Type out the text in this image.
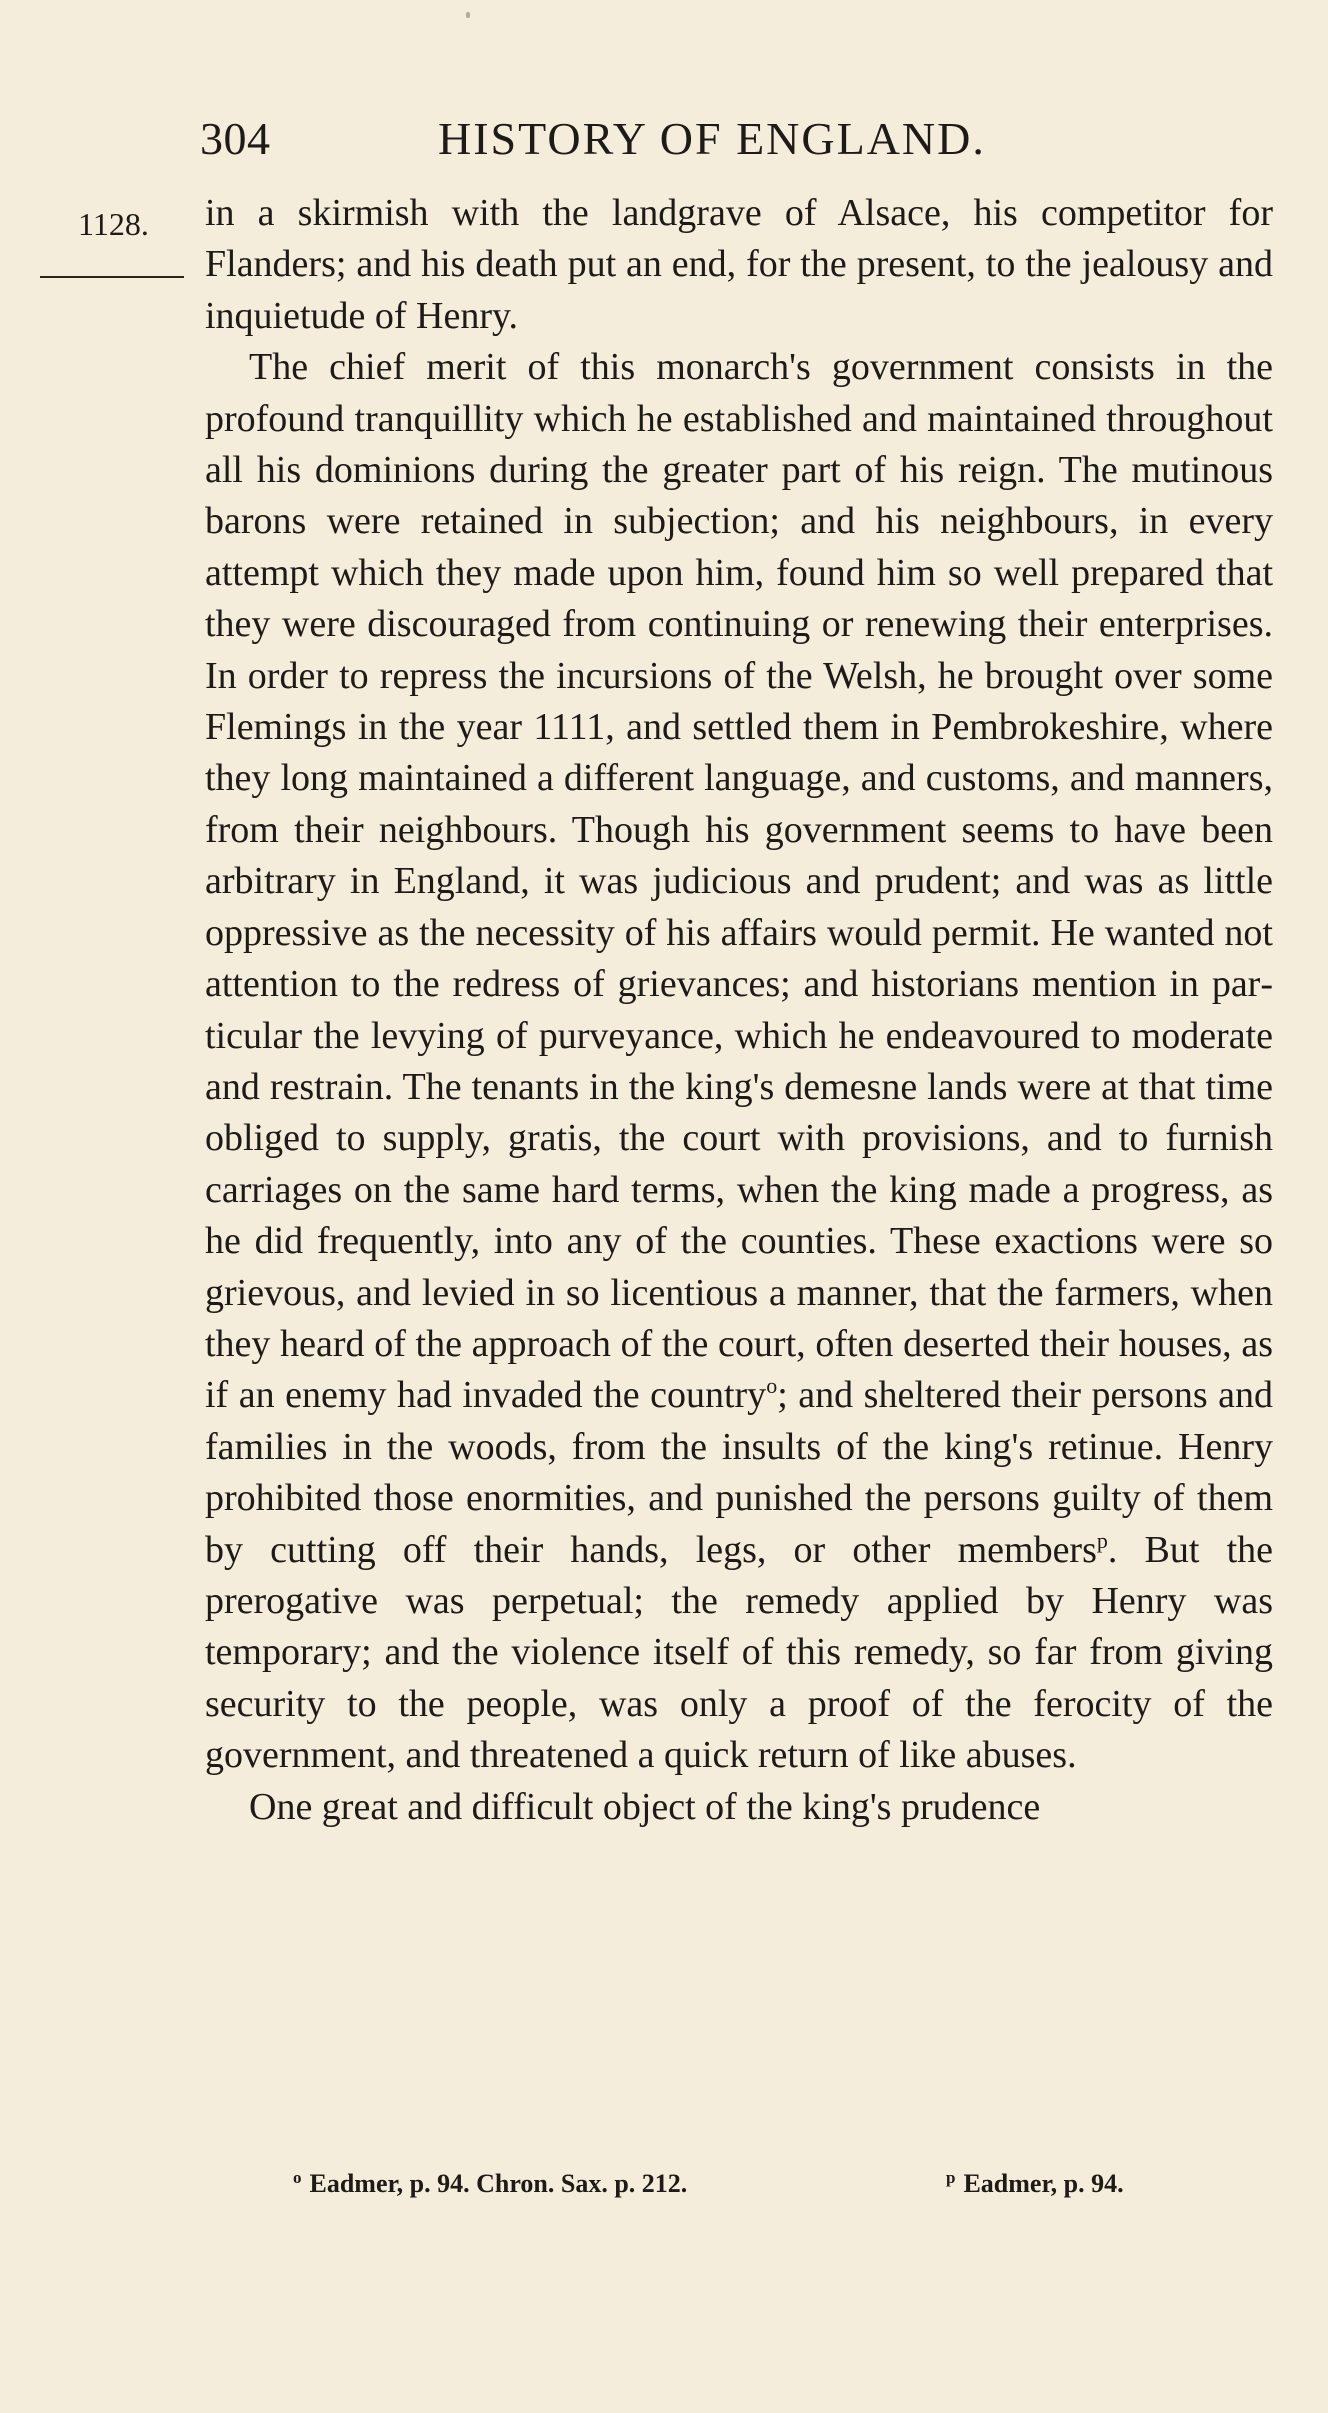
304	HISTORY OF ENGLAND.
1128. in a skirmish with the landgrave of Alsace, his competitor for Flanders; and his death put an end, for the present, to the jealousy and inquietude of Henry.

The chief merit of this monarch's government consists in the profound tranquillity which he established and maintained throughout all his dominions during the greater part of his reign. The mutinous barons were retained in subjection; and his neighbours, in every attempt which they made upon him, found him so well prepared that they were discouraged from continuing or renewing their enterprises. In order to repress the incursions of the Welsh, he brought over some Flemings in the year 1111, and settled them in Pembrokeshire, where they long maintained a different language, and customs, and manners, from their neighbours. Though his government seems to have been arbitrary in England, it was judicious and prudent; and was as little oppressive as the necessity of his affairs would permit. He wanted not attention to the redress of grievances; and historians mention in particular the levying of purveyance, which he endeavoured to moderate and restrain. The tenants in the king's demesne lands were at that time obliged to supply, gratis, the court with provisions, and to furnish carriages on the same hard terms, when the king made a progress, as he did frequently, into any of the counties. These exactions were so grievous, and levied in so licentious a manner, that the farmers, when they heard of the approach of the court, often deserted their houses, as if an enemy had invaded the country$^o$; and sheltered their persons and families in the woods, from the insults of the king's retinue. Henry prohibited those enormities, and punished the persons guilty of them by cutting off their hands, legs, or other members$^p$. But the prerogative was perpetual; the remedy applied by Henry was temporary; and the violence itself of this remedy, so far from giving security to the people, was only a proof of the ferocity of the government, and threatened a quick return of like abuses.

One great and difficult object of the king's prudence

$^o$ Eadmer, p. 94. Chron. Sax. p. 212.	$^p$ Eadmer, p. 94.
